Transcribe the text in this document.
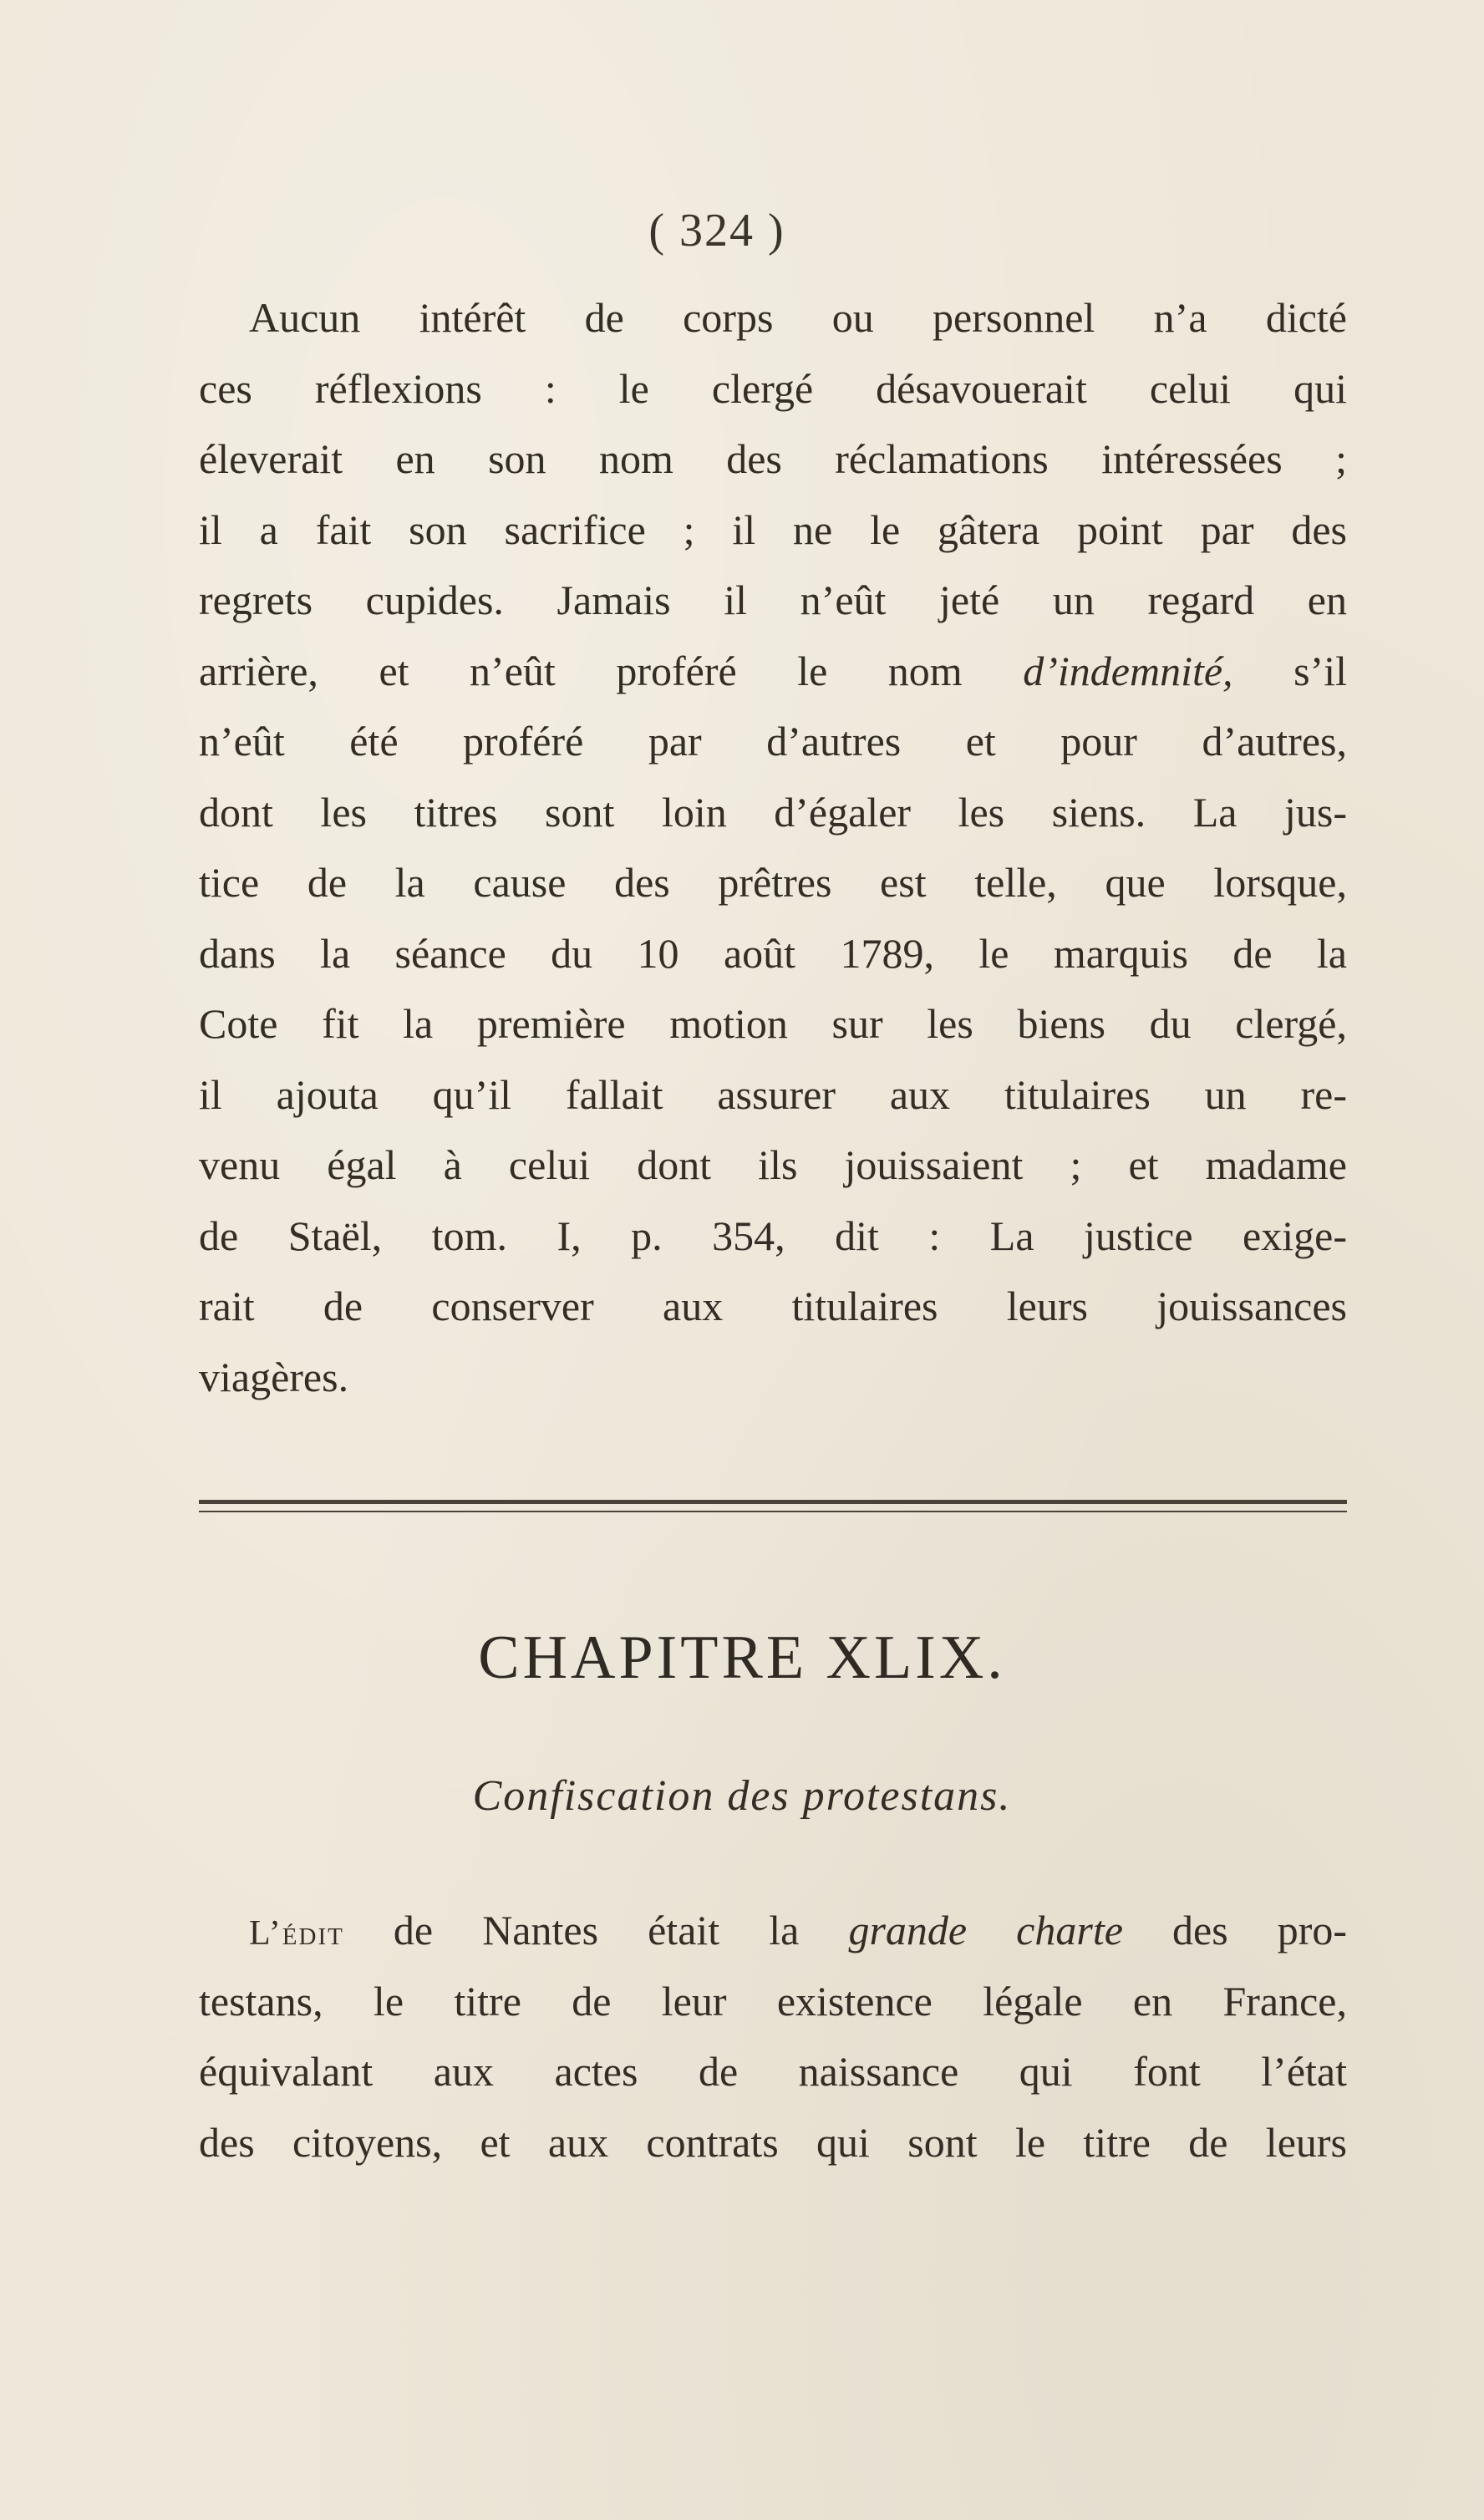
( 324 )
Aucun intérêt de corps ou personnel n’a dicté
ces réflexions : le clergé désavouerait celui qui
éleverait en son nom des réclamations intéressées ;
il a fait son sacrifice ; il ne le gâtera point par des
regrets cupides. Jamais il n’eût jeté un regard en
arrière, et n’eût proféré le nom d’indemnité, s’il
n’eût été proféré par d’autres et pour d’autres,
dont les titres sont loin d’égaler les siens. La jus-
tice de la cause des prêtres est telle, que lorsque,
dans la séance du 10 août 1789, le marquis de la
Cote fit la première motion sur les biens du clergé,
il ajouta qu’il fallait assurer aux titulaires un re-
venu égal à celui dont ils jouissaient ; et madame
de Staël, tom. I, p. 354, dit : La justice exige-
rait de conserver aux titulaires leurs jouissances
viagères.
CHAPITRE XLIX.
Confiscation des protestans.
L’édit de Nantes était la grande charte des pro-
testans, le titre de leur existence légale en France,
équivalant aux actes de naissance qui font l’état
des citoyens, et aux contrats qui sont le titre de leurs
